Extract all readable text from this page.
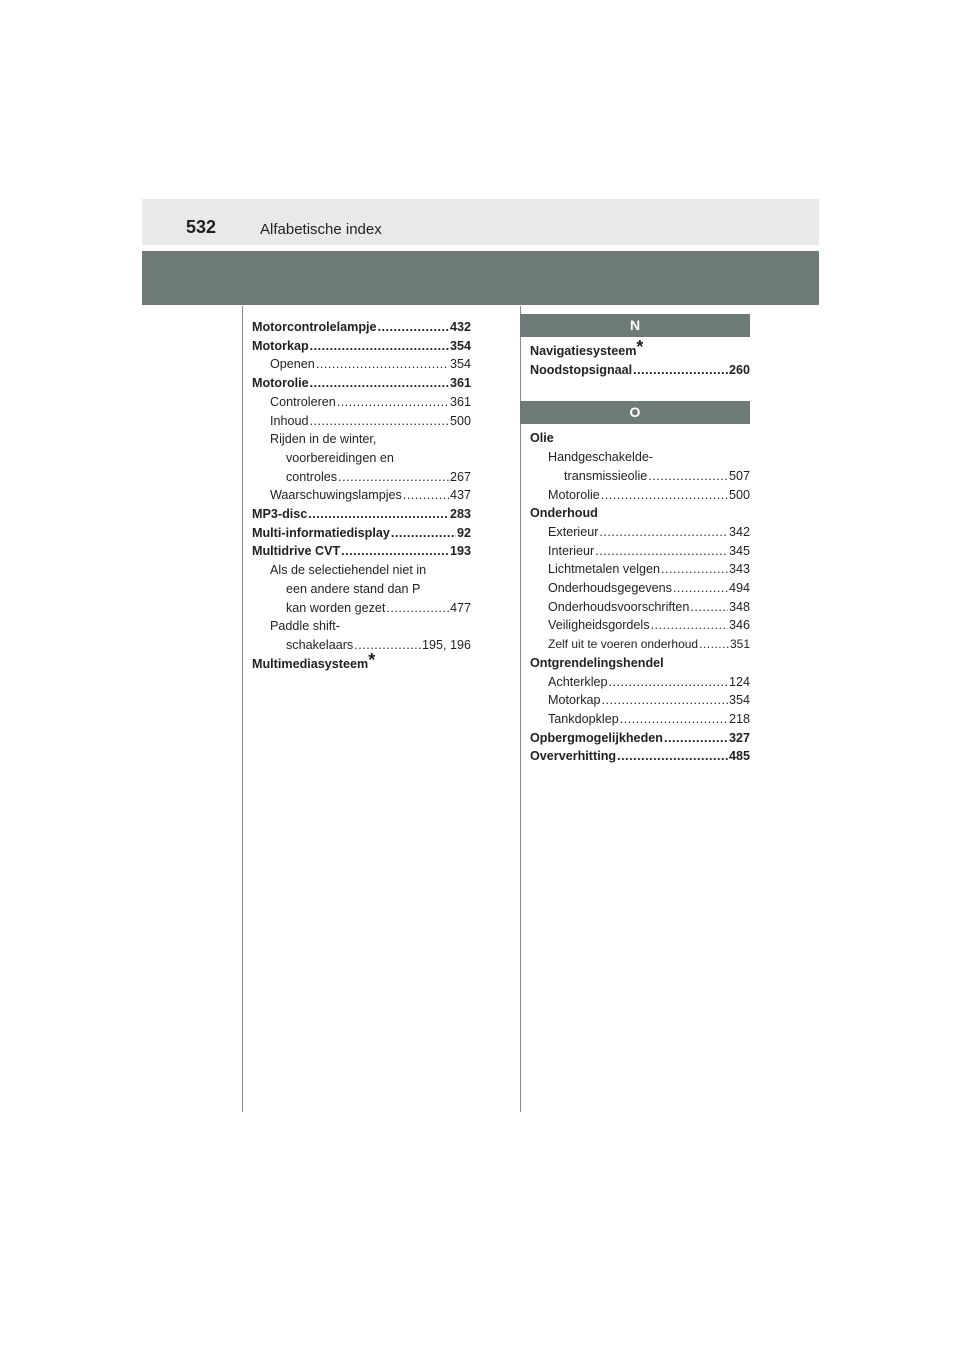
532	Alfabetische index
Motorcontrolelampje .....	432
Motorkap .....	354
Openen .....	354
Motorolie .....	361
Controleren .....	361
Inhoud .....	500
Rijden in de winter,
voorbereidingen en
controles .....	267
Waarschuwingslampjes .....	437
MP3-disc .....	283
Multi-informatiedisplay .....	92
Multidrive CVT .....	193
Als de selectiehendel niet in
een andere stand dan P
kan worden gezet .....	477
Paddle shift-
schakelaars .....	195, 196
Multimediasysteem*
N
Navigatiesysteem*
Noodstopsignaal .....	260
O
Olie
Handgeschakelde-
transmissieolie .....	507
Motorolie .....	500
Onderhoud
Exterieur .....	342
Interieur .....	345
Lichtmetalen velgen .....	343
Onderhoudsgegevens .....	494
Onderhoudsvoorschriften .....	348
Veiligheidsgordels .....	346
Zelf uit te voeren onderhoud .....	351
Ontgrendelingshendel
Achterklep .....	124
Motorkap .....	354
Tankdopklep .....	218
Opbergmogelijkheden .....	327
Oververhitting .....	485
